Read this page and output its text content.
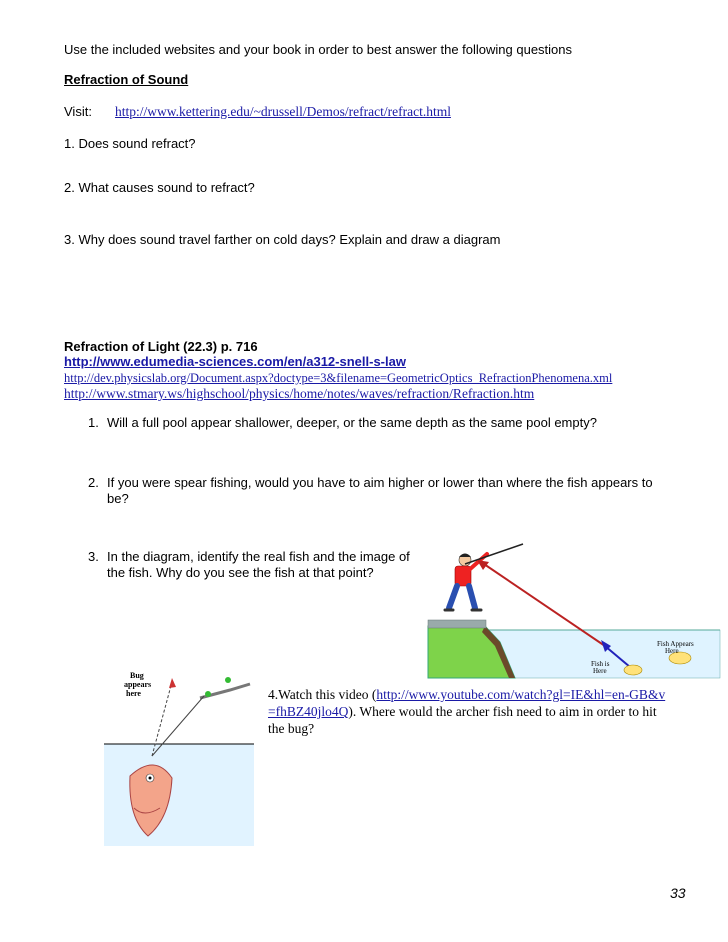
Use the included websites and your book in order to best answer the following questions
Refraction of Sound
Visit: http://www.kettering.edu/~drussell/Demos/refract/refract.html
1. Does sound refract?
2. What causes sound to refract?
3. Why does sound travel farther on cold days? Explain and draw a diagram
Refraction of Light (22.3) p. 716
http://www.edumedia-sciences.com/en/a312-snell-s-law
http://dev.physicslab.org/Document.aspx?doctype=3&filename=GeometricOptics_RefractionPhenomena.xml
http://www.stmary.ws/highschool/physics/home/notes/waves/refraction/Refraction.htm
1. Will a full pool appear shallower, deeper, or the same depth as the same pool empty?
2. If you were spear fishing, would you have to aim higher or lower than where the fish appears to be?
3. In the diagram, identify the real fish and the image of the fish. Why do you see the fish at that point?
4.Watch this video (http://www.youtube.com/watch?gl=IE&hl=en-GB&v=fhBZ40jlo4Q). Where would the archer fish need to aim in order to hit the bug?
Fish Appears Here
Fish is Here
Bug appears here
33
